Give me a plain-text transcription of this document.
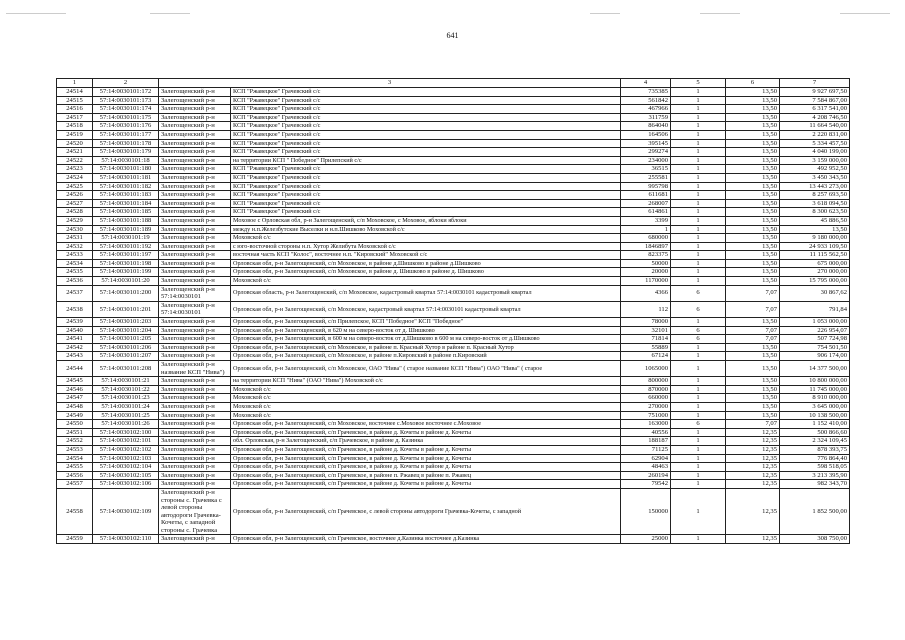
641
1	2	3		4	5	6	7
24514	57:14:0030101:172	Залегощенский р-н	КСП "Ржавецкое" Грачевский с/с	735385	1	13,50	9 927 697,50
24515	57:14:0030101:173	Залегощенский р-н	КСП "Ржавецкое" Грачевский с/с	561842	1	13,50	7 584 867,00
24516	57:14:0030101:174	Залегощенский р-н	КСП "Ржавецкое" Грачевский с/с	467966	1	13,50	6 317 541,00
24517	57:14:0030101:175	Залегощенский р-н	КСП "Ржавецкое" Грачевский с/с	311759	1	13,50	4 208 746,50
24518	57:14:0030101:176	Залегощенский р-н	КСП "Ржавецкое" Грачевский с/с	864040	1	13,50	11 664 540,00
24519	57:14:0030101:177	Залегощенский р-н	КСП "Ржавецкое" Грачевский с/с	164506	1	13,50	2 220 831,00
24520	57:14:0030101:178	Залегощенский р-н	КСП "Ржавецкое" Грачевский с/с	395145	1	13,50	5 334 457,50
24521	57:14:0030101:179	Залегощенский р-н	КСП "Ржавецкое" Грачевский с/с	299274	1	13,50	4 040 199,00
24522	57:14:0030101:18	Залегощенский р-н	на территории КСП " Победное" Прилепский с/с	234000	1	13,50	3 159 000,00
24523	57:14:0030101:180	Залегощенский р-н	КСП "Ржавецкое" Грачевский с/с	36515	1	13,50	492 952,50
24524	57:14:0030101:181	Залегощенский р-н	КСП "Ржавецкое" Грачевский с/с	255581	1	13,50	3 450 343,50
24525	57:14:0030101:182	Залегощенский р-н	КСП "Ржавецкое" Грачевский с/с	995798	1	13,50	13 443 273,00
24526	57:14:0030101:183	Залегощенский р-н	КСП "Ржавецкое" Грачевский с/с	611681	1	13,50	8 257 693,50
24527	57:14:0030101:184	Залегощенский р-н	КСП "Ржавецкое" Грачевский с/с	268007	1	13,50	3 618 094,50
24528	57:14:0030101:185	Залегощенский р-н	КСП "Ржавецкое" Грачевский с/с	614861	1	13,50	8 300 623,50
24529	57:14:0030101:188	Залегощенский р-н	Моховое с Орловская обл, р-н Залегощенский, с/п Моховское, с Моховое, яблоки яблоки	3399	1	13,50	45 886,50
24530	57:14:0030101:189	Залегощенский р-н	между н.п.Железбутские Выселки и н.п.Шишково Моховской с/с	1	1	13,50	13,50
24531	57:14:0030101:19	Залегощенский р-н	Моховской с/с	680000	1	13,50	9 180 000,00
24532	57:14:0030101:192	Залегощенский р-н	с юго-восточной стороны н.п. Хутор Желибута Моховской с/с	1846897	1	13,50	24 933 109,50
24533	57:14:0030101:197	Залегощенский р-н	восточная часть КСП "Колос", восточнее н.п. "Кировский" Моховской с/с	823375	1	13,50	11 115 562,50
24534	57:14:0030101:198	Залегощенский р-н	Орловская обл, р-н Залегощенский, с/п Моховское, в районе д.Шишково в районе д.Шишково	50000	1	13,50	675 000,00
24535	57:14:0030101:199	Залегощенский р-н	Орловская обл, р-н Залегощенский, с/п Моховское, в районе д. Шишково в районе д. Шишково	20000	1	13,50	270 000,00
24536	57:14:0030101:20	Залегощенский р-н	Моховской с/с	1170000	1	13,50	15 795 000,00
24537	57:14:0030101:200	Залегощенский р-н 57:14:0030101	Орловская область, р-н Залегощенский, с/п Моховское, кадастровый квартал 57:14:0030101 кадастровый квартал	4366	6	7,07	30 867,62
24538	57:14:0030101:201	Залегощенский р-н 57:14:0030101	Орловская обл, р-н Залегощенский, с/п Моховское, кадастровый квартал 57:14:0030101 кадастровый квартал	112	6	7,07	791,84
24539	57:14:0030101:203	Залегощенский р-н	Орловская обл, р-н Залегощенский, с/п Прилепское, КСП "Победное" КСП "Победное"	78000	1	13,50	1 053 000,00
24540	57:14:0030101:204	Залегощенский р-н	Орловская обл, р-н Залегощенский, в 620 м на северо-восток от д. Шишково	32101	6	7,07	226 954,07
24541	57:14:0030101:205	Залегощенский р-н	Орловская обл, р-н Залегощенский, в 600 м на северо-восток от д.Шишково в 600 м на северо-восток от д.Шишково	71814	6	7,07	507 724,98
24542	57:14:0030101:206	Залегощенский р-н	Орловская обл, р-н Залегощенский, с/п Моховское, в районе п. Красный Хутор в районе п. Красный Хутор	55889	1	13,50	754 501,50
24543	57:14:0030101:207	Залегощенский р-н	Орловская обл, р-н Залегощенский, с/п Моховское, в районе п.Кировский в районе п.Кировский	67124	1	13,50	906 174,00
24544	57:14:0030101:208	Залегощенский р-н название КСП "Нива")	Орловская обл, р-н Залегощенский, с/п Моховское, ОАО "Нива" ( старое название КСП "Нива") ОАО "Нива" ( старое	1065000	1	13,50	14 377 500,00
24545	57:14:0030101:21	Залегощенский р-н	на территории КСП "Нива" (ОАО "Нива") Моховской с/с	800000	1	13,50	10 800 000,00
24546	57:14:0030101:22	Залегощенский р-н	Моховской с/с	870000	1	13,50	11 745 000,00
24547	57:14:0030101:23	Залегощенский р-н	Моховской с/с	660000	1	13,50	8 910 000,00
24548	57:14:0030101:24	Залегощенский р-н	Моховской с/с	270000	1	13,50	3 645 000,00
24549	57:14:0030101:25	Залегощенский р-н	Моховской с/с	751000	1	13,50	10 138 500,00
24550	57:14:0030101:26	Залегощенский р-н	Орловская обл, р-н Залегощенский, с/п Моховское, восточнее с.Моховое восточнее с.Моховое	163000	6	7,07	1 152 410,00
24551	57:14:0030102:100	Залегощенский р-н	Орловская обл, р-н Залегощенский, с/п Грачевское, в районе д. Кочеты в районе д. Кочеты	40556	1	12,35	500 866,60
24552	57:14:0030102:101	Залегощенский р-н	обл. Орловская, р-н Залегощенский, с/п Грачевское, в районе д. Казинка	188187	1	12,35	2 324 109,45
24553	57:14:0030102:102	Залегощенский р-н	Орловская обл, р-н Залегощенский, с/п Грачевское, в районе д. Кочеты в районе д. Кочеты	71125	1	12,35	878 393,75
24554	57:14:0030102:103	Залегощенский р-н	Орловская обл, р-н Залегощенский, с/п Грачевское, в районе д. Кочеты в районе д. Кочеты	62904	1	12,35	776 864,40
24555	57:14:0030102:104	Залегощенский р-н	Орловская обл, р-н Залегощенский, с/п Грачевское, в районе д. Кочеты в районе д. Кочеты	48463	1	12,35	598 518,05
24556	57:14:0030102:105	Залегощенский р-н	Орловская обл, р-н Залегощенский, с/п Грачевское, в районе п. Ржавец в районе п. Ржавец	260194	1	12,35	3 213 395,90
24557	57:14:0030102:106	Залегощенский р-н	Орловская обл, р-н Залегощенский, с/п Грачевское, в районе д. Кочеты в районе д. Кочеты	79542	1	12,35	982 343,70
24558	57:14:0030102:109	Залегощенский р-н стороны с. Грачевка с левой стороны автодороги Грачевка-Кочеты, с западной стороны с. Грачевка	Орловская обл, р-н Залегощенский, с/п Грачевское, с левой стороны автодороги Грачевка-Кочеты, с западной	150000	1	12,35	1 852 500,00
24559	57:14:0030102:110	Залегощенский р-н	Орловская обл, р-н Залегощенский, с/п Грачевское, восточнее д.Казинка восточнее д.Казинка	25000	1	12,35	308 750,00
